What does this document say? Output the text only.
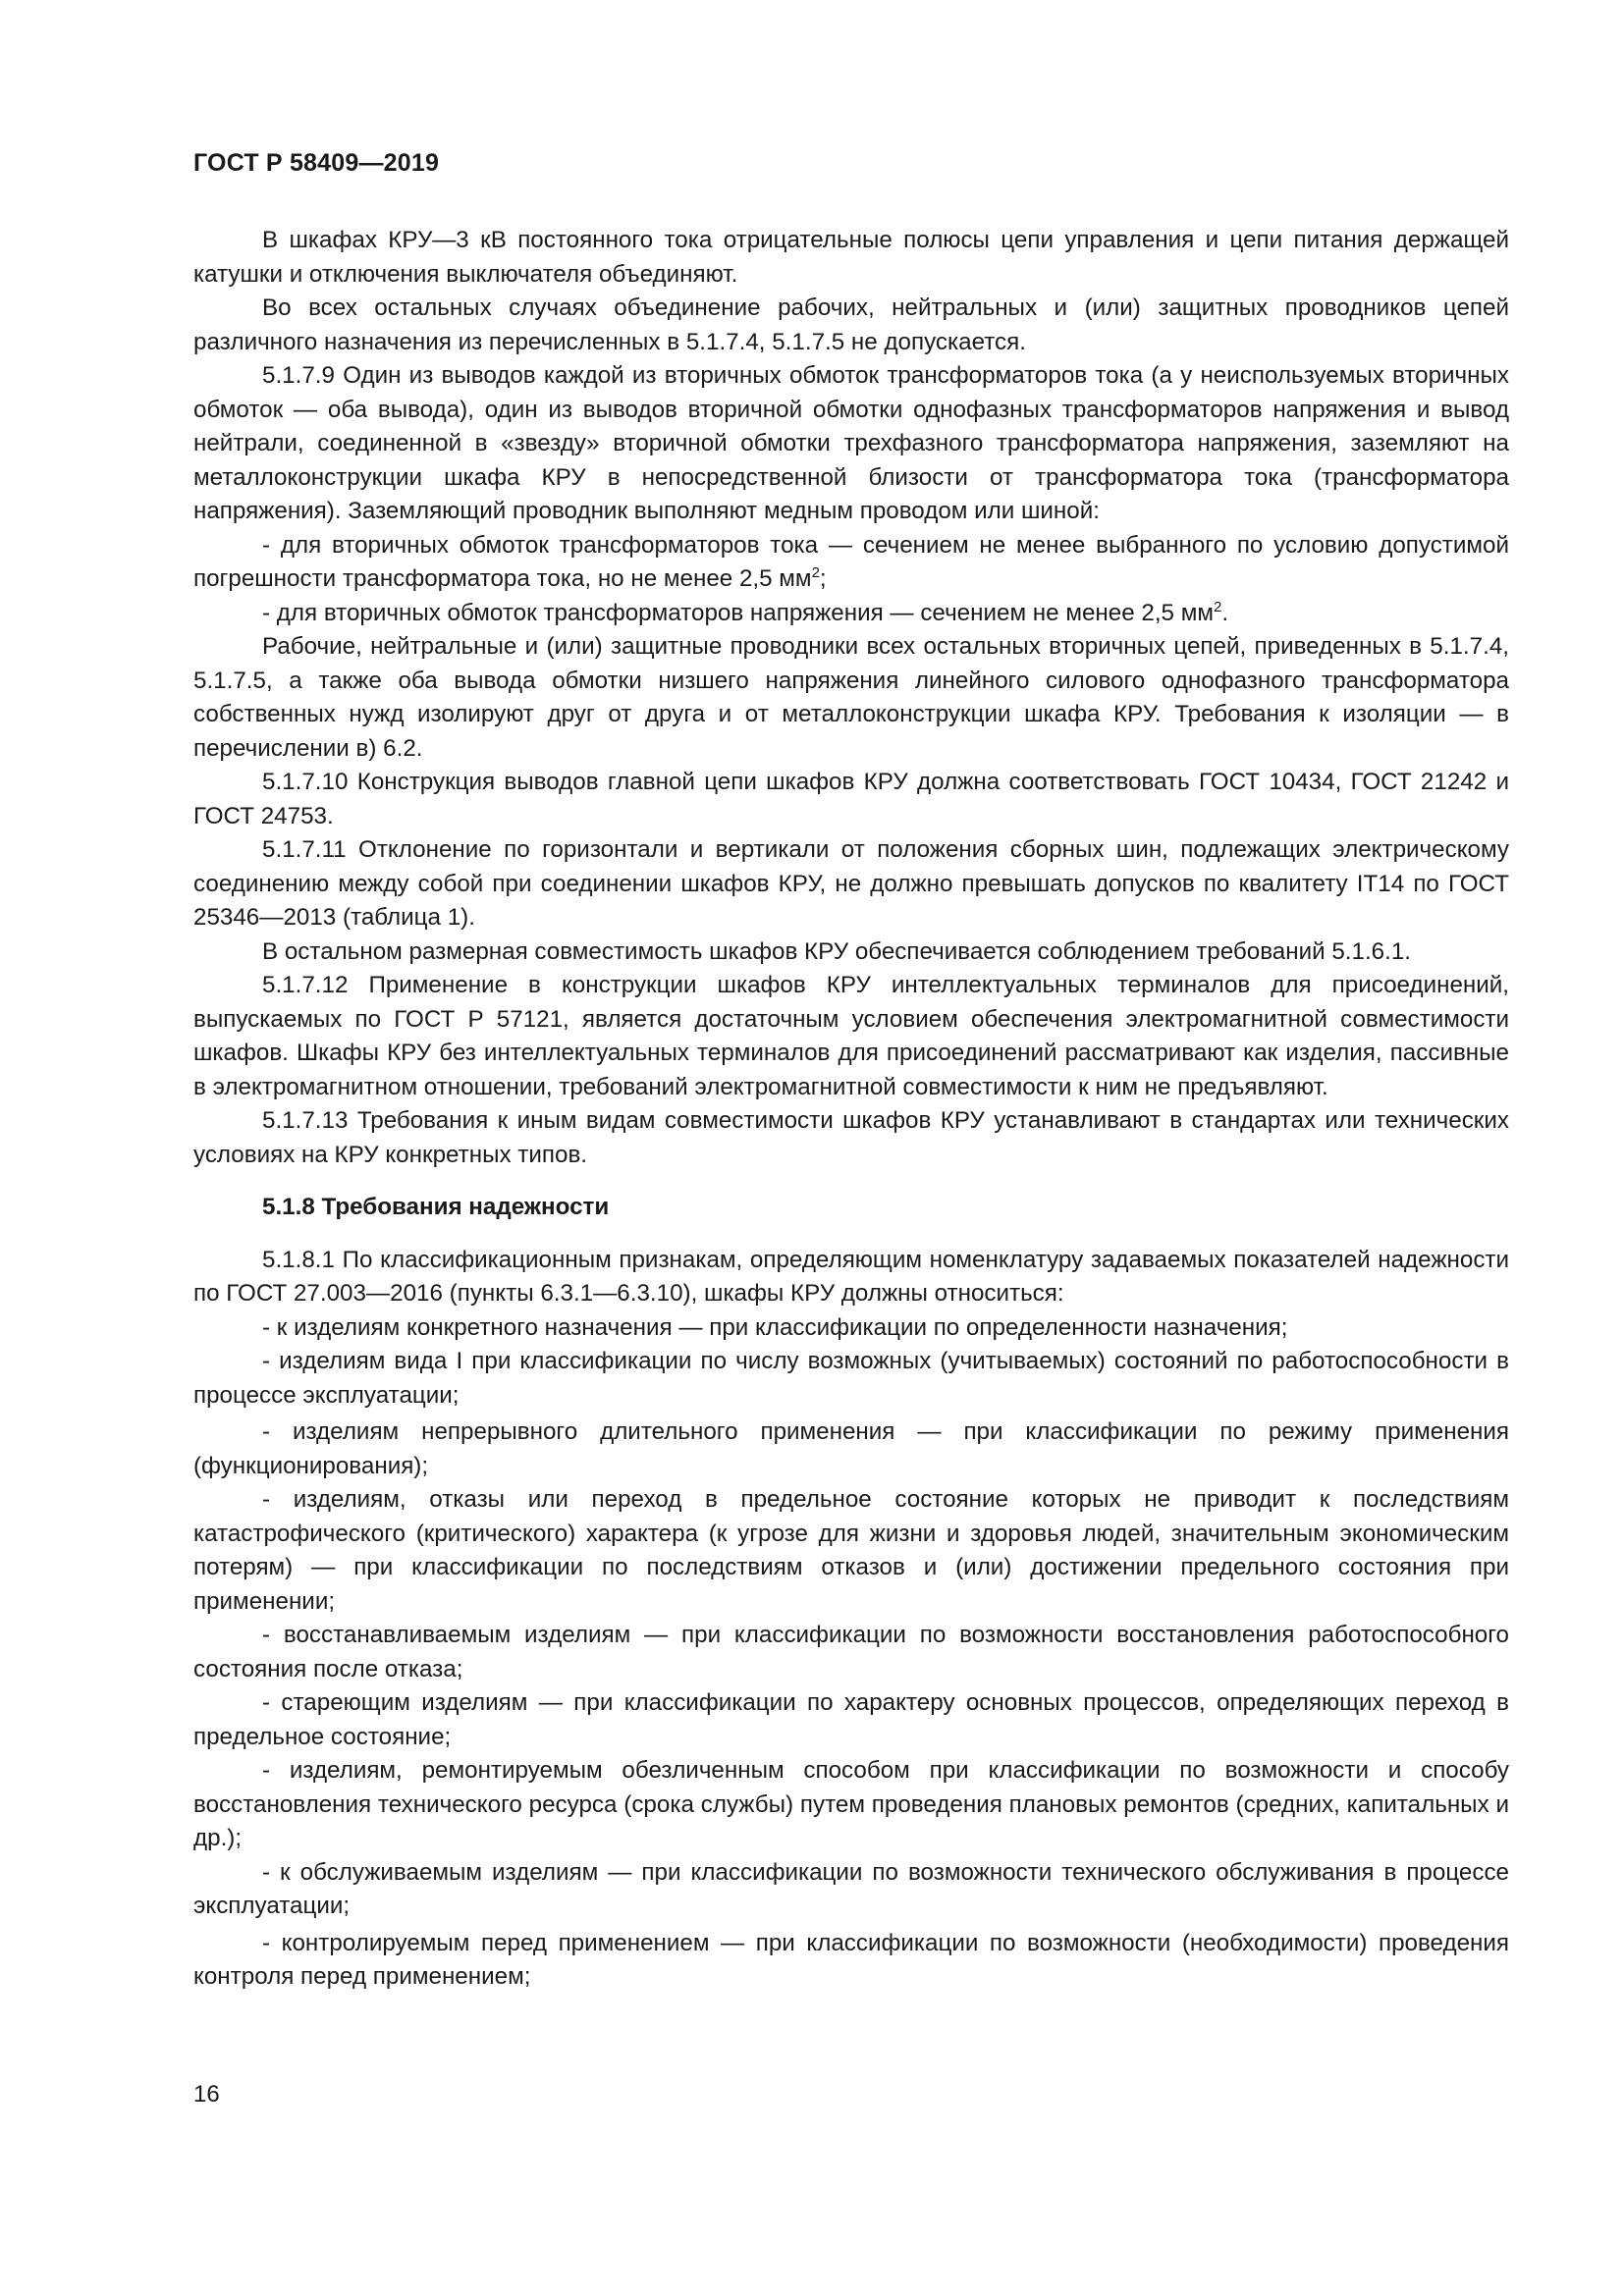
ГОСТ Р 58409—2019

В шкафах КРУ—3 кВ постоянного тока отрицательные полюсы цепи управления и цепи питания держащей катушки и отключения выключателя объединяют.

Во всех остальных случаях объединение рабочих, нейтральных и (или) защитных проводников цепей различного назначения из перечисленных в 5.1.7.4, 5.1.7.5 не допускается.

5.1.7.9 Один из выводов каждой из вторичных обмоток трансформаторов тока (а у неиспользуемых вторичных обмоток — оба вывода), один из выводов вторичной обмотки однофазных трансформаторов напряжения и вывод нейтрали, соединенной в «звезду» вторичной обмотки трехфазного трансформатора напряжения, заземляют на металлоконструкции шкафа КРУ в непосредственной близости от трансформатора тока (трансформатора напряжения). Заземляющий проводник выполняют медным проводом или шиной:

- для вторичных обмоток трансформаторов тока — сечением не менее выбранного по условию допустимой погрешности трансформатора тока, но не менее 2,5 $мм^2$;

- для вторичных обмоток трансформаторов напряжения — сечением не менее 2,5 $мм^2$.

Рабочие, нейтральные и (или) защитные проводники всех остальных вторичных цепей, приведенных в 5.1.7.4, 5.1.7.5, а также оба вывода обмотки низшего напряжения линейного силового однофазного трансформатора собственных нужд изолируют друг от друга и от металлоконструкции шкафа КРУ. Требования к изоляции — в перечислении в) 6.2.

5.1.7.10 Конструкция выводов главной цепи шкафов КРУ должна соответствовать ГОСТ 10434, ГОСТ 21242 и ГОСТ 24753.

5.1.7.11 Отклонение по горизонтали и вертикали от положения сборных шин, подлежащих электрическому соединению между собой при соединении шкафов КРУ, не должно превышать допусков по квалитету IT14 по ГОСТ 25346—2013 (таблица 1).

В остальном размерная совместимость шкафов КРУ обеспечивается соблюдением требований 5.1.6.1.

5.1.7.12 Применение в конструкции шкафов КРУ интеллектуальных терминалов для присоединений, выпускаемых по ГОСТ Р 57121, является достаточным условием обеспечения электромагнитной совместимости шкафов. Шкафы КРУ без интеллектуальных терминалов для присоединений рассматривают как изделия, пассивные в электромагнитном отношении, требований электромагнитной совместимости к ним не предъявляют.

5.1.7.13 Требования к иным видам совместимости шкафов КРУ устанавливают в стандартах или технических условиях на КРУ конкретных типов.

5.1.8 Требования надежности

5.1.8.1 По классификационным признакам, определяющим номенклатуру задаваемых показателей надежности по ГОСТ 27.003—2016 (пункты 6.3.1—6.3.10), шкафы КРУ должны относиться:

- к изделиям конкретного назначения — при классификации по определенности назначения;

- изделиям вида I при классификации по числу возможных (учитываемых) состояний по работоспособности в процессе эксплуатации;

- изделиям непрерывного длительного применения — при классификации по режиму применения (функционирования);

- изделиям, отказы или переход в предельное состояние которых не приводит к последствиям катастрофического (критического) характера (к угрозе для жизни и здоровья людей, значительным экономическим потерям) — при классификации по последствиям отказов и (или) достижении предельного состояния при применении;

- восстанавливаемым изделиям — при классификации по возможности восстановления работоспособного состояния после отказа;

- стареющим изделиям — при классификации по характеру основных процессов, определяющих переход в предельное состояние;

- изделиям, ремонтируемым обезличенным способом при классификации по возможности и способу восстановления технического ресурса (срока службы) путем проведения плановых ремонтов (средних, капитальных и др.);

- к обслуживаемым изделиям — при классификации по возможности технического обслуживания в процессе эксплуатации;

- контролируемым перед применением — при классификации по возможности (необходимости) проведения контроля перед применением;

16
